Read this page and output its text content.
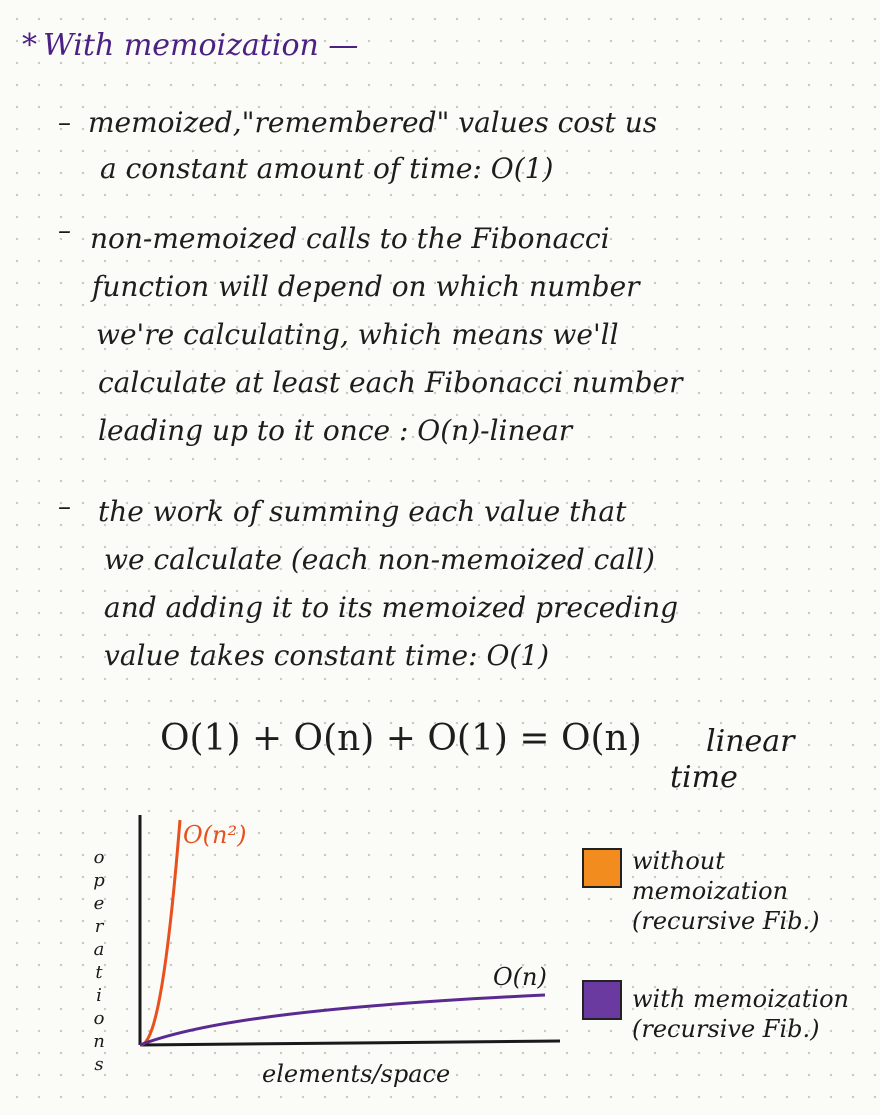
* With memoization —
– memoized,"remembered" values cost us
a constant amount of time: O(1)
– non-memoized calls to the Fibonacci
function will depend on which number
we're calculating, which means we'll
calculate at least each Fibonacci number
leading up to it once : O(n)-linear
– the work of summing each value that
we calculate (each non-memoized call)
and adding it to its memoized preceding
value takes constant time: O(1)
O(1) + O(n) + O(1) = O(n) linear
time
O(n²)
O(n)
o
p
e
r
a
t
i
o
n
s	elements/space
without
memoization
(recursive Fib.)
with memoization
(recursive Fib.)
